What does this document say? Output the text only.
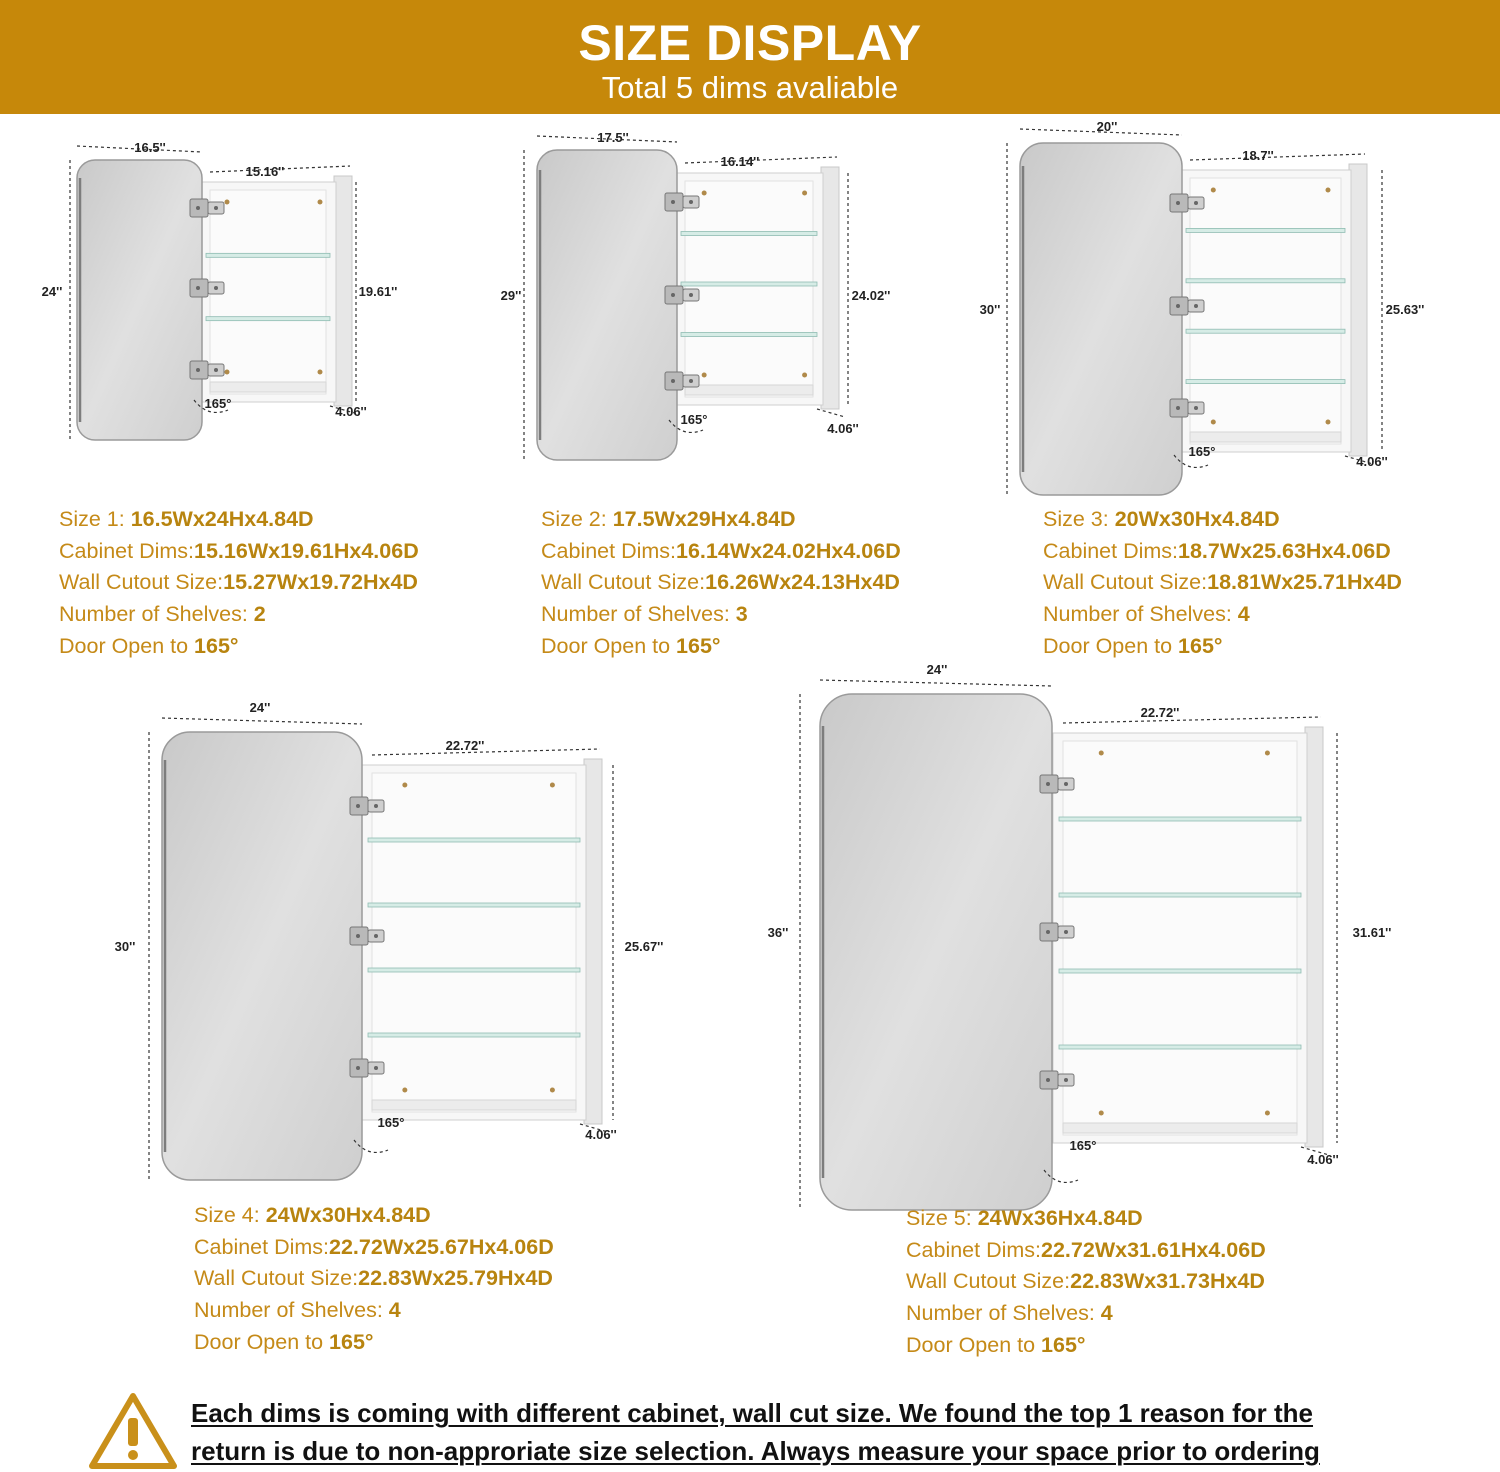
SIZE DISPLAY
Total 5 dims avaliable
16.5''
24''
15.16''
19.61''
4.06''
165°
17.5''
29''
16.14''
24.02''
4.06''
165°
20''
30''
18.7''
25.63''
4.06''
165°
24''
30''
22.72''
25.67''
4.06''
165°
24''
36''
22.72''
31.61''
4.06''
165°
Size 1: 16.5Wx24Hx4.84D
Cabinet Dims:15.16Wx19.61Hx4.06D
Wall Cutout Size:15.27Wx19.72Hx4D
Number of Shelves: 2
Door Open to 165°
Size 2: 17.5Wx29Hx4.84D
Cabinet Dims:16.14Wx24.02Hx4.06D
Wall Cutout Size:16.26Wx24.13Hx4D
Number of Shelves: 3
Door Open to 165°
Size 3: 20Wx30Hx4.84D
Cabinet Dims:18.7Wx25.63Hx4.06D
Wall Cutout Size:18.81Wx25.71Hx4D
Number of Shelves: 4
Door Open to 165°
Size 4: 24Wx30Hx4.84D
Cabinet Dims:22.72Wx25.67Hx4.06D
Wall Cutout Size:22.83Wx25.79Hx4D
Number of Shelves: 4
Door Open to 165°
Size 5: 24Wx36Hx4.84D
Cabinet Dims:22.72Wx31.61Hx4.06D
Wall Cutout Size:22.83Wx31.73Hx4D
Number of Shelves: 4
Door Open to 165°
Each dims is coming with different cabinet, wall cut size. We found the top 1 reason for the
return is due to non-approriate size selection. Always measure your space prior to ordering
